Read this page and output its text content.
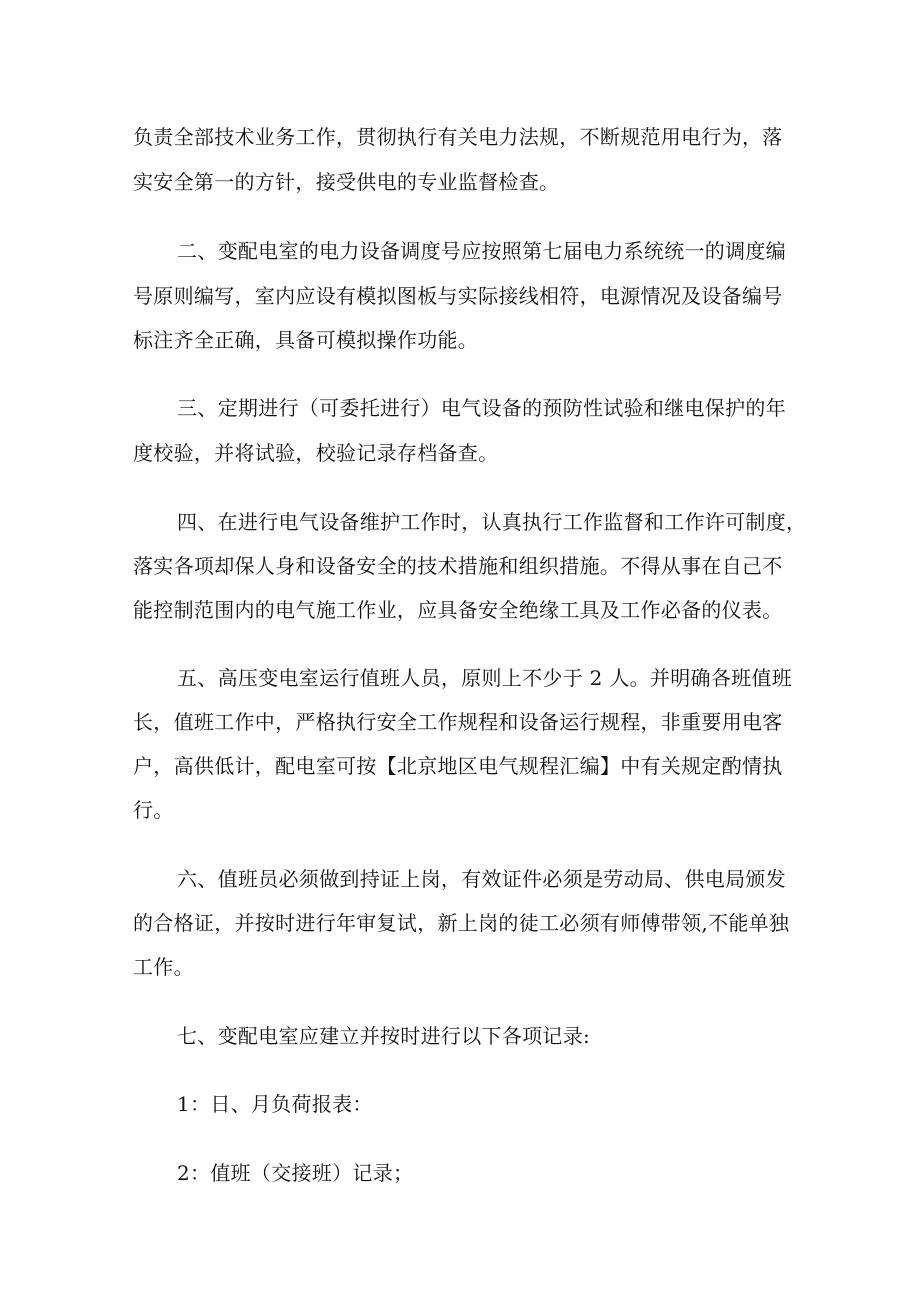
负责全部技术业务工作，贯彻执行有关电力法规，不断规范用电行为，落
实安全第一的方针，接受供电的专业监督检查。
二、变配电室的电力设备调度号应按照第七届电力系统统一的调度编
号原则编写，室内应设有模拟图板与实际接线相符，电源情况及设备编号
标注齐全正确，具备可模拟操作功能。
三、定期进行（可委托进行）电气设备的预防性试验和继电保护的年
度校验，并将试验，校验记录存档备查。
四、在进行电气设备维护工作时，认真执行工作监督和工作许可制度，
落实各项却保人身和设备安全的技术措施和组织措施。不得从事在自己不
能控制范围内的电气施工作业，应具备安全绝缘工具及工作必备的仪表。
五、高压变电室运行值班人员，原则上不少于 2 人。并明确各班值班
长，值班工作中，严格执行安全工作规程和设备运行规程，非重要用电客
户，高供低计，配电室可按【北京地区电气规程汇编】中有关规定酌情执
行。
六、值班员必须做到持证上岗，有效证件必须是劳动局、供电局颁发
的合格证，并按时进行年审复试，新上岗的徒工必须有师傅带领,不能单独
工作。
七、变配电室应建立并按时进行以下各项记录:
1：日、月负荷报表：
2：值班（交接班）记录；
